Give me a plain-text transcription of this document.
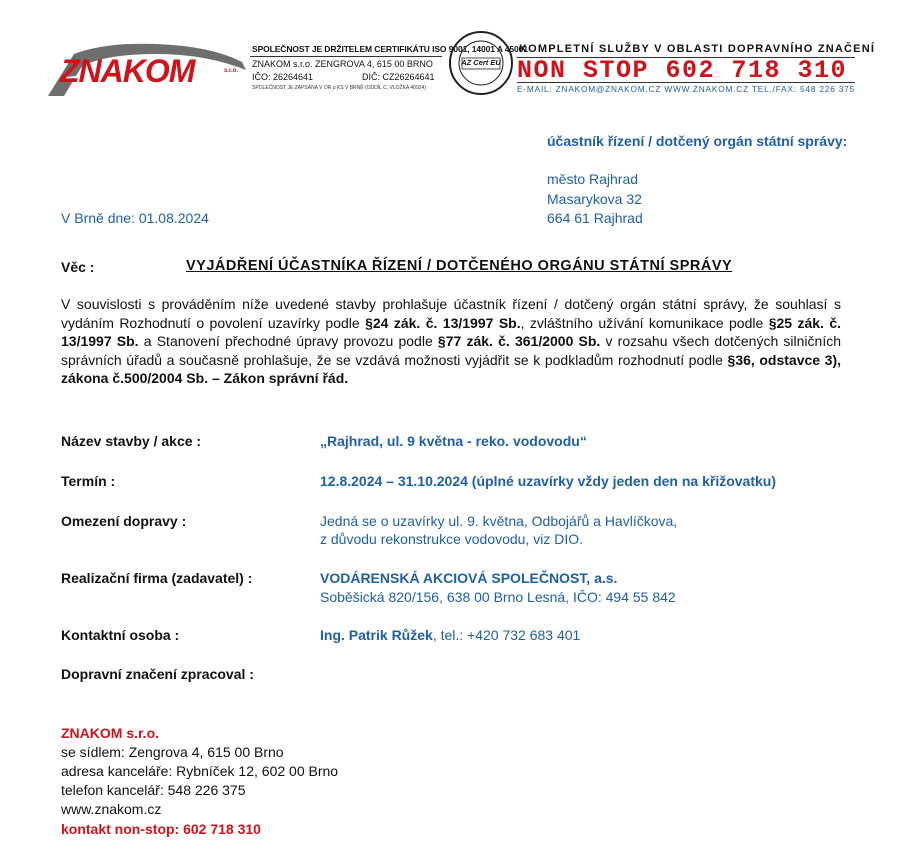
ZNAKOM	s.r.o.
SPOLEČNOST JE DRŽITELEM CERTIFIKÁTU ISO 9001, 14001 A 45001
ZNAKOM s.r.o. ZENGROVA 4, 615 00 BRNO
IČO: 26264641	DIČ: CZ26264641
SPOLEČNOST JE ZAPSÁNA V OR u KS V BRNĚ (ODDÍL C, VLOŽKA 40924)
AZ Cert EU
KOMPLETNÍ SLUŽBY V OBLASTI DOPRAVNÍHO ZNAČENÍ
NON STOP 602 718 310
E-MAIL: ZNAKOM@ZNAKOM.CZ WWW.ZNAKOM.CZ TEL./FAX: 548 226 375
účastník řízení / dotčený orgán státní správy:
město Rajhrad
Masarykova 32
664 61 Rajhrad
V Brně dne: 01.08.2024
Věc :	VYJÁDŘENÍ ÚČASTNÍKA ŘÍZENÍ / DOTČENÉHO ORGÁNU STÁTNÍ SPRÁVY
V souvislosti s prováděním níže uvedené stavby prohlašuje účastník řízení / dotčený orgán státní správy, že souhlasí s vydáním Rozhodnutí o povolení uzavírky podle §24 zák. č. 13/1997 Sb., zvláštního užívání komunikace podle §25 zák. č. 13/1997 Sb. a Stanovení přechodné úpravy provozu podle §77 zák. č. 361/2000 Sb. v rozsahu všech dotčených silničních správních úřadů a současně prohlašuje, že se vzdává možnosti vyjádřit se k podkladům rozhodnutí podle §36, odstavce 3), zákona č.500/2004 Sb. – Zákon správní řád.
Název stavby / akce :	„Rajhrad, ul. 9 května - reko. vodovodu“
Termín :	12.8.2024 – 31.10.2024 (úplné uzavírky vždy jeden den na křižovatku)
Omezení dopravy :	Jedná se o uzavírky ul. 9. května, Odbojářů a Havlíčkova,
z důvodu rekonstrukce vodovodu, viz DIO.
Realizační firma (zadavatel) :	VODÁRENSKÁ AKCIOVÁ SPOLEČNOST, a.s.
Soběšická 820/156, 638 00 Brno Lesná, IČO: 494 55 842
Kontaktní osoba :	Ing. Patrik Růžek, tel.: +420 732 683 401
Dopravní značení zpracoval :
ZNAKOM s.r.o.
se sídlem: Zengrova 4, 615 00 Brno
adresa kanceláře: Rybníček 12, 602 00 Brno
telefon kancelář: 548 226 375
www.znakom.cz
kontakt non-stop: 602 718 310
